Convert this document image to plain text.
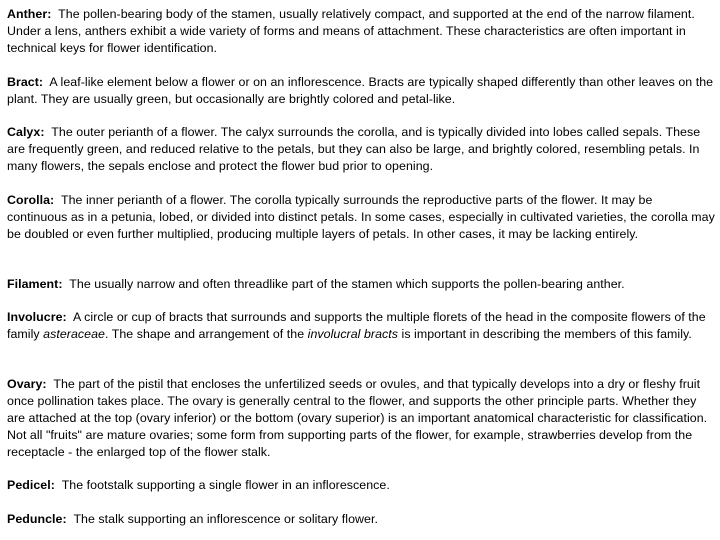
Anther: The pollen-bearing body of the stamen, usually relatively compact, and supported at the end of the narrow filament. Under a lens, anthers exhibit a wide variety of forms and means of attachment. These characteristics are often important in technical keys for flower identification.

Bract: A leaf-like element below a flower or on an inflorescence. Bracts are typically shaped differently than other leaves on the plant. They are usually green, but occasionally are brightly colored and petal-like.

Calyx: The outer perianth of a flower. The calyx surrounds the corolla, and is typically divided into lobes called sepals. These are frequently green, and reduced relative to the petals, but they can also be large, and brightly colored, resembling petals. In many flowers, the sepals enclose and protect the flower bud prior to opening.

Corolla: The inner perianth of a flower. The corolla typically surrounds the reproductive parts of the flower. It may be continuous as in a petunia, lobed, or divided into distinct petals. In some cases, especially in cultivated varieties, the corolla may be doubled or even further multiplied, producing multiple layers of petals. In other cases, it may be lacking entirely.

Filament: The usually narrow and often threadlike part of the stamen which supports the pollen-bearing anther.

Involucre: A circle or cup of bracts that surrounds and supports the multiple florets of the head in the composite flowers of the family asteraceae. The shape and arrangement of the involucral bracts is important in describing the members of this family.

Ovary: The part of the pistil that encloses the unfertilized seeds or ovules, and that typically develops into a dry or fleshy fruit once pollination takes place. The ovary is generally central to the flower, and supports the other principle parts. Whether they are attached at the top (ovary inferior) or the bottom (ovary superior) is an important anatomical characteristic for classification. Not all "fruits" are mature ovaries; some form from supporting parts of the flower, for example, strawberries develop from the receptacle - the enlarged top of the flower stalk.

Pedicel: The footstalk supporting a single flower in an inflorescence.

Peduncle: The stalk supporting an inflorescence or solitary flower.
